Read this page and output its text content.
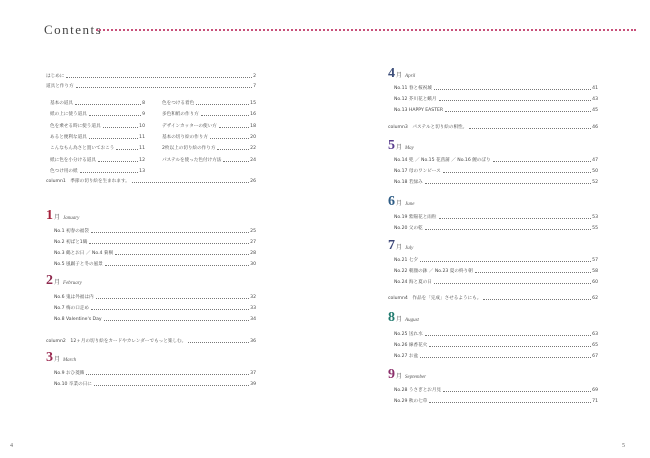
Contents
はじめに	2
道具と作り方	7
基本の道具	8
紙の上に使う道具	9
色を乗せる時に使う道具	10
あると便利な道具	11
こんなもん為さと置いておこう	11
紙に色を小分ける道具	12
色つけ用の紙	13
色をつける着色	15
多色和紙の作り方	16
デザインカッターの使い方	18
基本の切り絵の作り方	20
2枚以上の切り絵の作り方	22
パステルを使った色付け方法	24
column1　季節の切り絵を生まれます。	26
1 月 January
No.1 初春の福袋	25
No.2 初ばと1鶴	27
No.3 鶴とお日 ／ No.4 菊桐	28
No.5 風踊子と冬の風景	30
2 月 February
No.6 鬼は外福は内	32
No.7 梅の口走め	33
No.8 Valentine's Day	34
column2　12ヶ月の切り絵をカードやカレンダーでもっと楽しむ。	36
3 月 March
No.9 おひ菱飾	37
No.10 卒業の日に	39
4 月 April
No.11 春と桜祝城	41
No.12 芥川花と蛾月	43
No.13 HAPPY EASTER	45
column3　パステルと切り絵の相性。	46
5 月 May
No.14 兜 ／ No.15 花菖蒲 ／ No.16 鯉のぼり	47
No.17 母のワンピース	50
No.18 若緑み	52
6 月 June
No.19 紫陽花と雨粒	53
No.20 父の乾	55
7 月 July
No.21 七夕	57
No.22 朝顔の鉢 ／ No.23 夏の終り朝	58
No.24 海と夏の日	60
column4　作品を「完成」させるようにも。	62
8 月 August
No.25 送れ水	63
No.26 線香花火	65
No.27 お盆	67
9 月 September
No.28 うさぎとお月見	69
No.29 秋の七草	71
4	5
